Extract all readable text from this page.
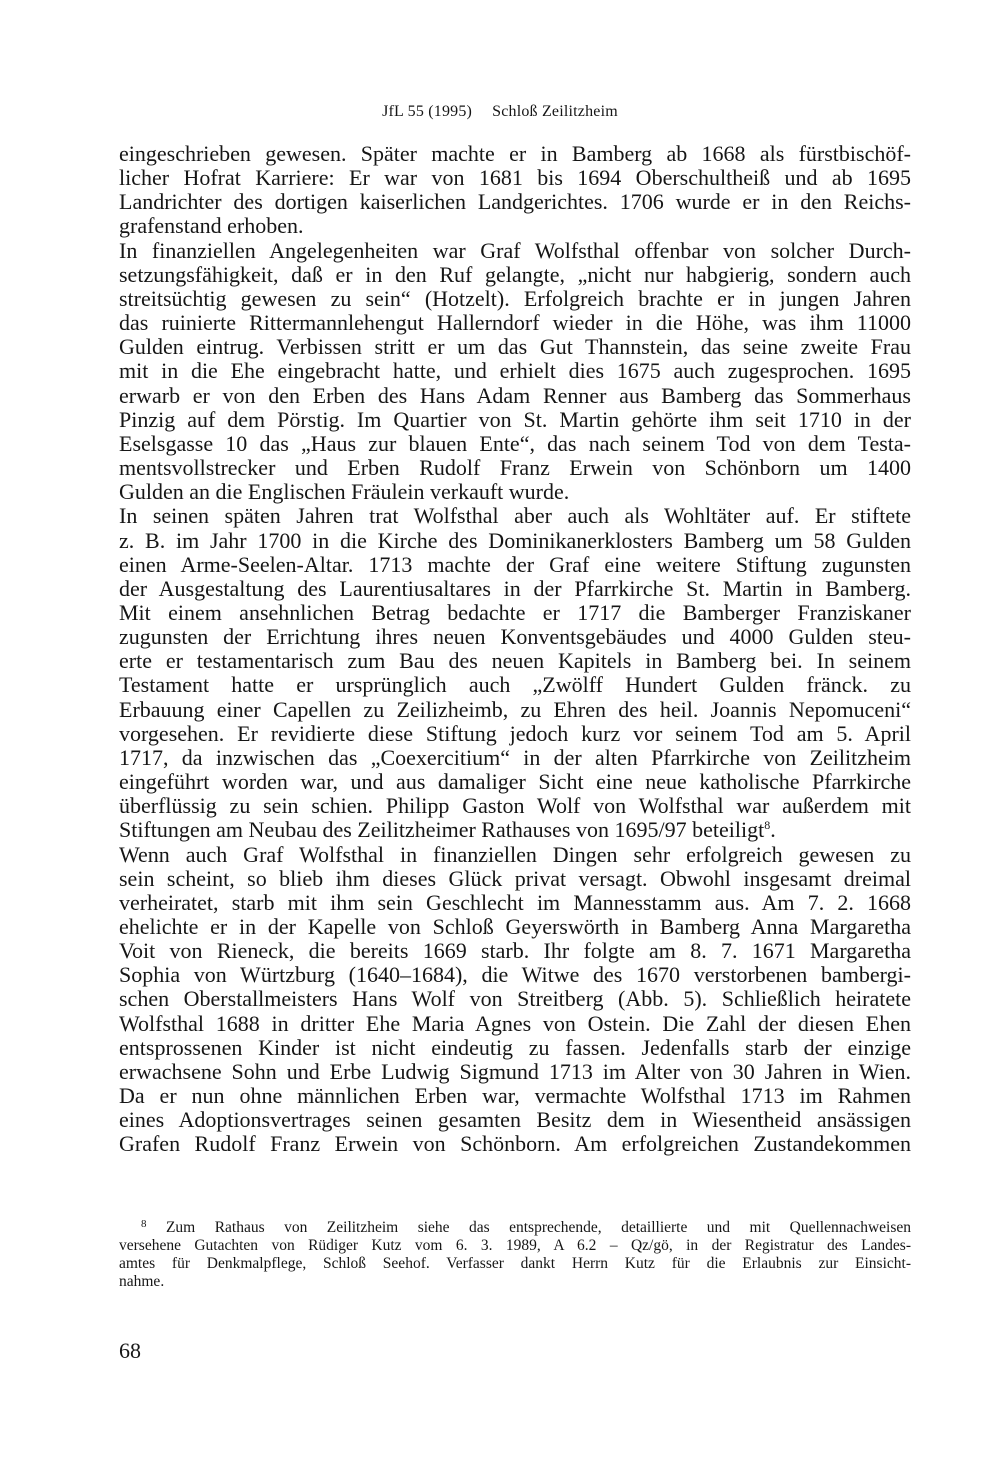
JfL 55 (1995) Schloß Zeilitzheim
eingeschrieben gewesen. Später machte er in Bamberg ab 1668 als fürstbischöf-
licher Hofrat Karriere: Er war von 1681 bis 1694 Oberschultheiß und ab 1695
Landrichter des dortigen kaiserlichen Landgerichtes. 1706 wurde er in den Reichs-
grafenstand erhoben.
In finanziellen Angelegenheiten war Graf Wolfsthal offenbar von solcher Durch-
setzungsfähigkeit, daß er in den Ruf gelangte, „nicht nur habgierig, sondern auch
streitsüchtig gewesen zu sein“ (Hotzelt). Erfolgreich brachte er in jungen Jahren
das ruinierte Rittermannlehengut Hallerndorf wieder in die Höhe, was ihm 11000
Gulden eintrug. Verbissen stritt er um das Gut Thannstein, das seine zweite Frau
mit in die Ehe eingebracht hatte, und erhielt dies 1675 auch zugesprochen. 1695
erwarb er von den Erben des Hans Adam Renner aus Bamberg das Sommerhaus
Pinzig auf dem Pörstig. Im Quartier von St. Martin gehörte ihm seit 1710 in der
Eselsgasse 10 das „Haus zur blauen Ente“, das nach seinem Tod von dem Testa-
mentsvollstrecker und Erben Rudolf Franz Erwein von Schönborn um 1400
Gulden an die Englischen Fräulein verkauft wurde.
In seinen späten Jahren trat Wolfsthal aber auch als Wohltäter auf. Er stiftete
z. B. im Jahr 1700 in die Kirche des Dominikanerklosters Bamberg um 58 Gulden
einen Arme-Seelen-Altar. 1713 machte der Graf eine weitere Stiftung zugunsten
der Ausgestaltung des Laurentiusaltares in der Pfarrkirche St. Martin in Bamberg.
Mit einem ansehnlichen Betrag bedachte er 1717 die Bamberger Franziskaner
zugunsten der Errichtung ihres neuen Konventsgebäudes und 4000 Gulden steu-
erte er testamentarisch zum Bau des neuen Kapitels in Bamberg bei. In seinem
Testament hatte er ursprünglich auch „Zwölff Hundert Gulden fränck. zu
Erbauung einer Capellen zu Zeilizheimb, zu Ehren des heil. Joannis Nepomuceni“
vorgesehen. Er revidierte diese Stiftung jedoch kurz vor seinem Tod am 5. April
1717, da inzwischen das „Coexercitium“ in der alten Pfarrkirche von Zeilitzheim
eingeführt worden war, und aus damaliger Sicht eine neue katholische Pfarrkirche
überflüssig zu sein schien. Philipp Gaston Wolf von Wolfsthal war außerdem mit
Stiftungen am Neubau des Zeilitzheimer Rathauses von 1695/97 beteiligt$^8$.
Wenn auch Graf Wolfsthal in finanziellen Dingen sehr erfolgreich gewesen zu
sein scheint, so blieb ihm dieses Glück privat versagt. Obwohl insgesamt dreimal
verheiratet, starb mit ihm sein Geschlecht im Mannesstamm aus. Am 7. 2. 1668
ehelichte er in der Kapelle von Schloß Geyerswörth in Bamberg Anna Margaretha
Voit von Rieneck, die bereits 1669 starb. Ihr folgte am 8. 7. 1671 Margaretha
Sophia von Würtzburg (1640–1684), die Witwe des 1670 verstorbenen bambergi-
schen Oberstallmeisters Hans Wolf von Streitberg (Abb. 5). Schließlich heiratete
Wolfsthal 1688 in dritter Ehe Maria Agnes von Ostein. Die Zahl der diesen Ehen
entsprossenen Kinder ist nicht eindeutig zu fassen. Jedenfalls starb der einzige
erwachsene Sohn und Erbe Ludwig Sigmund 1713 im Alter von 30 Jahren in Wien.
Da er nun ohne männlichen Erben war, vermachte Wolfsthal 1713 im Rahmen
eines Adoptionsvertrages seinen gesamten Besitz dem in Wiesentheid ansässigen
Grafen Rudolf Franz Erwein von Schönborn. Am erfolgreichen Zustandekommen
$^8$ Zum Rathaus von Zeilitzheim siehe das entsprechende, detaillierte und mit Quellennachweisen
versehene Gutachten von Rüdiger Kutz vom 6. 3. 1989, A 6.2 – Qz/gö, in der Registratur des Landes-
amtes für Denkmalpflege, Schloß Seehof. Verfasser dankt Herrn Kutz für die Erlaubnis zur Einsicht-
nahme.
68
